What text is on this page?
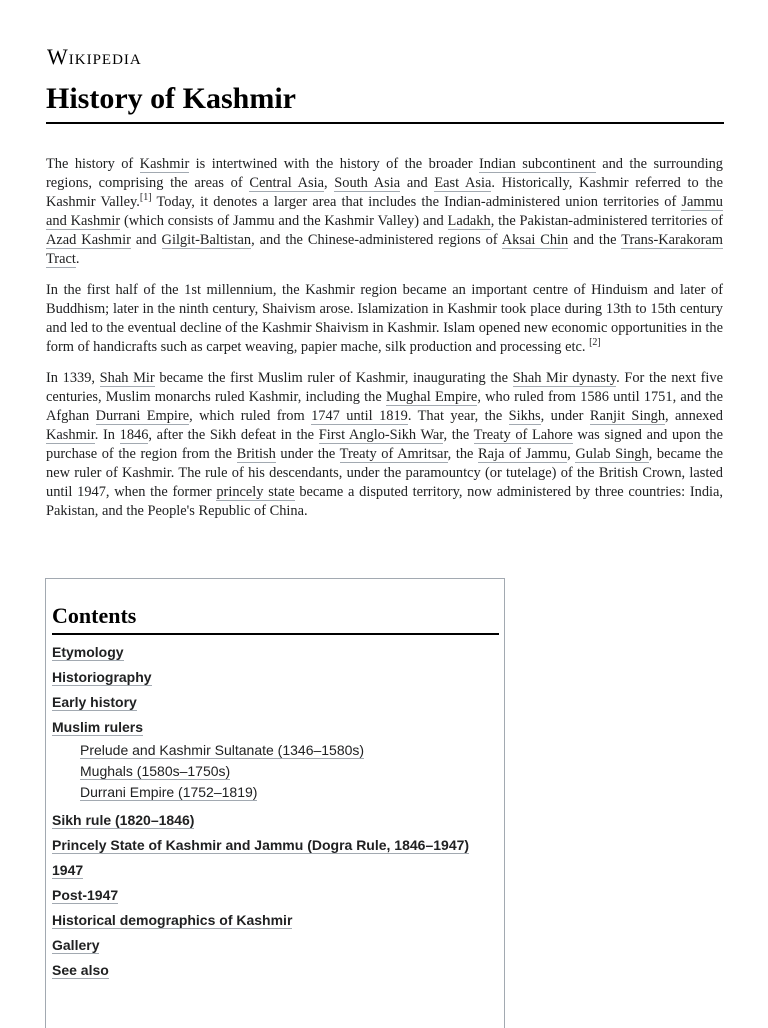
Wikipedia
History of Kashmir

The history of Kashmir is intertwined with the history of the broader Indian subcontinent and the surrounding regions, comprising the areas of Central Asia, South Asia and East Asia. Historically, Kashmir referred to the Kashmir Valley.[1] Today, it denotes a larger area that includes the Indian-administered union territories of Jammu and Kashmir (which consists of Jammu and the Kashmir Valley) and Ladakh, the Pakistan-administered territories of Azad Kashmir and Gilgit-Baltistan, and the Chinese-administered regions of Aksai Chin and the Trans-Karakoram Tract.

In the first half of the 1st millennium, the Kashmir region became an important centre of Hinduism and later of Buddhism; later in the ninth century, Shaivism arose. Islamization in Kashmir took place during 13th to 15th century and led to the eventual decline of the Kashmir Shaivism in Kashmir. Islam opened new economic opportunities in the form of handicrafts such as carpet weaving, papier mache, silk production and processing etc. [2]

In 1339, Shah Mir became the first Muslim ruler of Kashmir, inaugurating the Shah Mir dynasty. For the next five centuries, Muslim monarchs ruled Kashmir, including the Mughal Empire, who ruled from 1586 until 1751, and the Afghan Durrani Empire, which ruled from 1747 until 1819. That year, the Sikhs, under Ranjit Singh, annexed Kashmir. In 1846, after the Sikh defeat in the First Anglo-Sikh War, the Treaty of Lahore was signed and upon the purchase of the region from the British under the Treaty of Amritsar, the Raja of Jammu, Gulab Singh, became the new ruler of Kashmir. The rule of his descendants, under the paramountcy (or tutelage) of the British Crown, lasted until 1947, when the former princely state became a disputed territory, now administered by three countries: India, Pakistan, and the People's Republic of China.

Contents
Etymology
Historiography
Early history
Muslim rulers
Prelude and Kashmir Sultanate (1346–1580s)
Mughals (1580s–1750s)
Durrani Empire (1752–1819)
Sikh rule (1820–1846)
Princely State of Kashmir and Jammu (Dogra Rule, 1846–1947)
1947
Post-1947
Historical demographics of Kashmir
Gallery
See also
